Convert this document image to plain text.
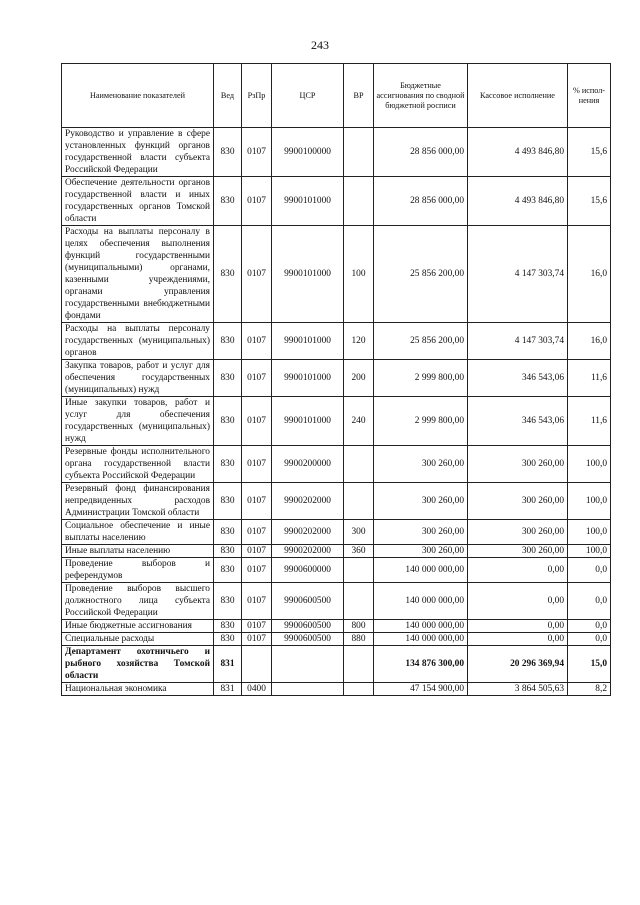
243
Наименование показателей	Вед	РзПр	ЦСР	ВР	Бюджетные ассигнования по сводной бюджетной росписи	Кассовое исполнение	% испол-нения
Руководство и управление в сфере установленных функций органов государственной власти субъекта Российской Федерации	830	0107	9900100000		28 856 000,00	4 493 846,80	15,6
Обеспечение деятельности органов государственной власти и иных государственных органов Томской области	830	0107	9900101000		28 856 000,00	4 493 846,80	15,6
Расходы на выплаты персоналу в целях обеспечения выполнения функций государственными (муниципальными) органами, казенными учреждениями, органами управления государственными внебюджетными фондами	830	0107	9900101000	100	25 856 200,00	4 147 303,74	16,0
Расходы на выплаты персоналу государственных (муниципальных) органов	830	0107	9900101000	120	25 856 200,00	4 147 303,74	16,0
Закупка товаров, работ и услуг для обеспечения государственных (муниципальных) нужд	830	0107	9900101000	200	2 999 800,00	346 543,06	11,6
Иные закупки товаров, работ и услуг для обеспечения государственных (муниципальных) нужд	830	0107	9900101000	240	2 999 800,00	346 543,06	11,6
Резервные фонды исполнительного органа государственной власти субъекта Российской Федерации	830	0107	9900200000		300 260,00	300 260,00	100,0
Резервный фонд финансирования непредвиденных расходов Администрации Томской области	830	0107	9900202000		300 260,00	300 260,00	100,0
Социальное обеспечение и иные выплаты населению	830	0107	9900202000	300	300 260,00	300 260,00	100,0
Иные выплаты населению	830	0107	9900202000	360	300 260,00	300 260,00	100,0
Проведение выборов и референдумов	830	0107	9900600000		140 000 000,00	0,00	0,0
Проведение выборов высшего должностного лица субъекта Российской Федерации	830	0107	9900600500		140 000 000,00	0,00	0,0
Иные бюджетные ассигнования	830	0107	9900600500	800	140 000 000,00	0,00	0,0
Специальные расходы	830	0107	9900600500	880	140 000 000,00	0,00	0,0
Департамент охотничьего и рыбного хозяйства Томской области	831				134 876 300,00	20 296 369,94	15,0
Национальная экономика	831	0400			47 154 900,00	3 864 505,63	8,2
